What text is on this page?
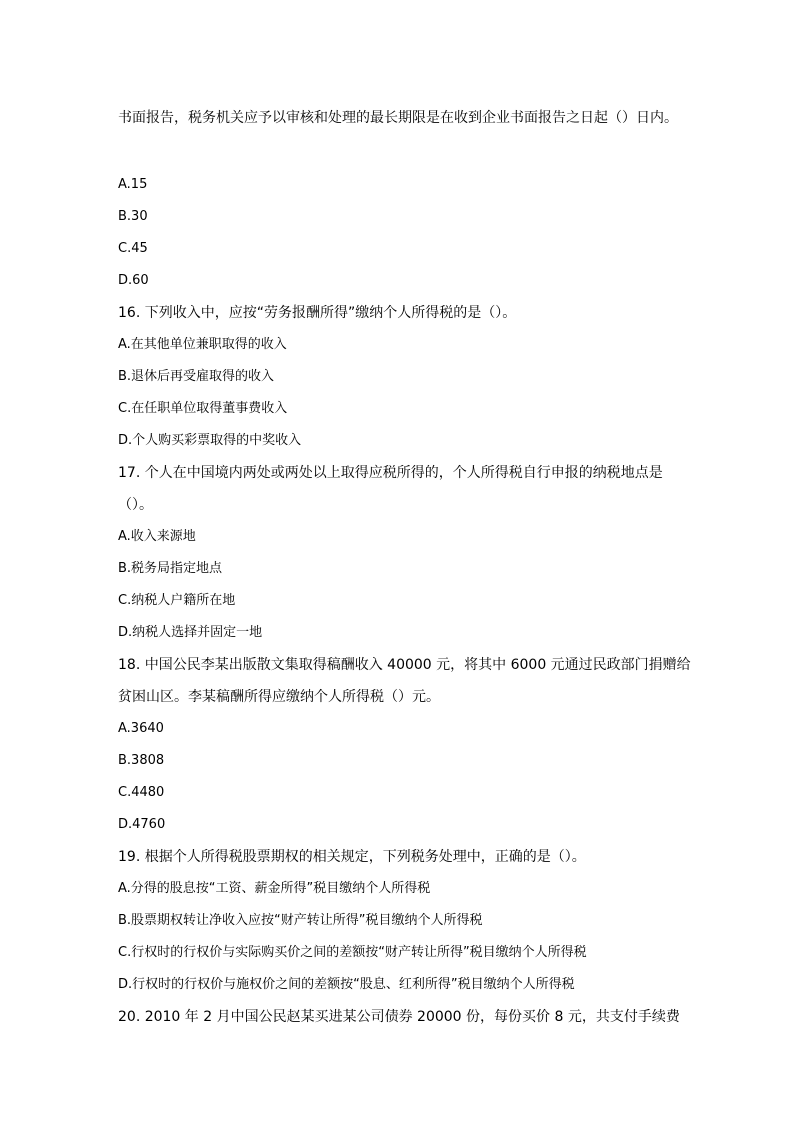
书面报告，税务机关应予以审核和处理的最长期限是在收到企业书面报告之日起（）日内。
A.15
B.30
C.45
D.60
16. 下列收入中，应按“劳务报酬所得”缴纳个人所得税的是（）。
A.在其他单位兼职取得的收入
B.退休后再受雇取得的收入
C.在任职单位取得董事费收入
D.个人购买彩票取得的中奖收入
17. 个人在中国境内两处或两处以上取得应税所得的，个人所得税自行申报的纳税地点是
（）。
A.收入来源地
B.税务局指定地点
C.纳税人户籍所在地
D.纳税人选择并固定一地
18. 中国公民李某出版散文集取得稿酬收入 40000 元，将其中 6000 元通过民政部门捐赠给
贫困山区。李某稿酬所得应缴纳个人所得税（）元。
A.3640
B.3808
C.4480
D.4760
19. 根据个人所得税股票期权的相关规定，下列税务处理中，正确的是（）。
A.分得的股息按“工资、薪金所得”税目缴纳个人所得税
B.股票期权转让净收入应按“财产转让所得”税目缴纳个人所得税
C.行权时的行权价与实际购买价之间的差额按“财产转让所得”税目缴纳个人所得税
D.行权时的行权价与施权价之间的差额按“股息、红利所得”税目缴纳个人所得税
20. 2010 年 2 月中国公民赵某买进某公司债券 20000 份，每份买价 8 元，共支付手续费
